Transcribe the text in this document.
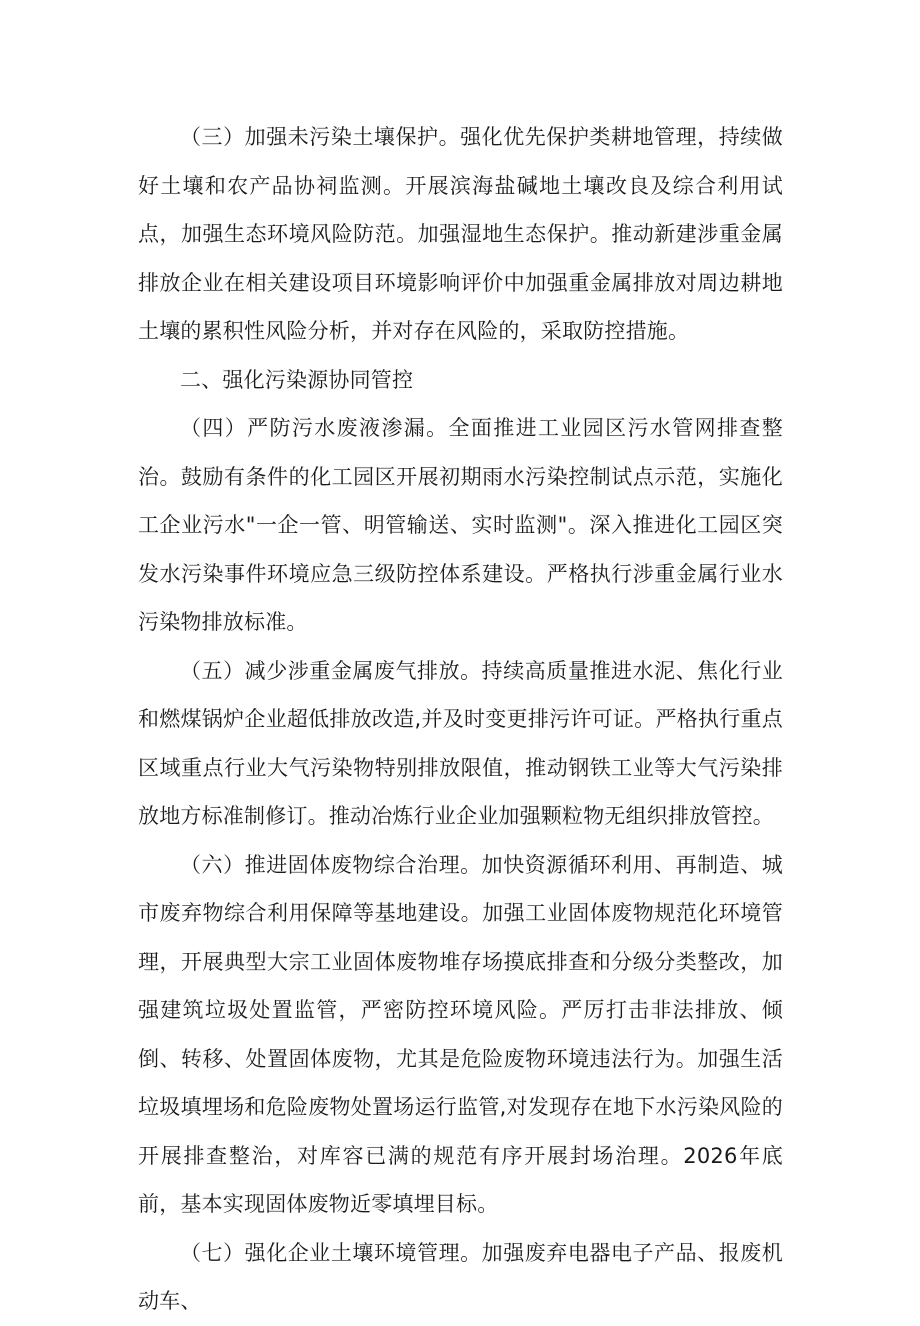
（三）加强未污染土壤保护。强化优先保护类耕地管理，持续做好土壤和农产品协祠监测。开展滨海盐碱地土壤改良及综合利用试点，加强生态环境风险防范。加强湿地生态保护。推动新建涉重金属排放企业在相关建设项目环境影响评价中加强重金属排放对周边耕地土壤的累积性风险分析，并对存在风险的，采取防控措施。

二、强化污染源协同管控

（四）严防污水废液渗漏。全面推进工业园区污水管网排查整治。鼓励有条件的化工园区开展初期雨水污染控制试点示范，实施化工企业污水"一企一管、明管输送、实时监测"。深入推进化工园区突发水污染事件环境应急三级防控体系建设。严格执行涉重金属行业水污染物排放标准。

（五）减少涉重金属废气排放。持续高质量推进水泥、焦化行业和燃煤锅炉企业超低排放改造,并及时变更排污许可证。严格执行重点区域重点行业大气污染物特别排放限值，推动钢铁工业等大气污染排放地方标准制修订。推动冶炼行业企业加强颗粒物无组织排放管控。

（六）推进固体废物综合治理。加快资源循环利用、再制造、城市废弃物综合利用保障等基地建设。加强工业固体废物规范化环境管理，开展典型大宗工业固体废物堆存场摸底排查和分级分类整改，加强建筑垃圾处置监管，严密防控环境风险。严厉打击非法排放、倾倒、转移、处置固体废物，尤其是危险废物环境违法行为。加强生活垃圾填埋场和危险废物处置场运行监管,对发现存在地下水污染风险的开展排查整治，对库容已满的规范有序开展封场治理。2026年底前，基本实现固体废物近零填埋目标。

（七）强化企业土壤环境管理。加强废弃电器电子产品、报废机动车、
